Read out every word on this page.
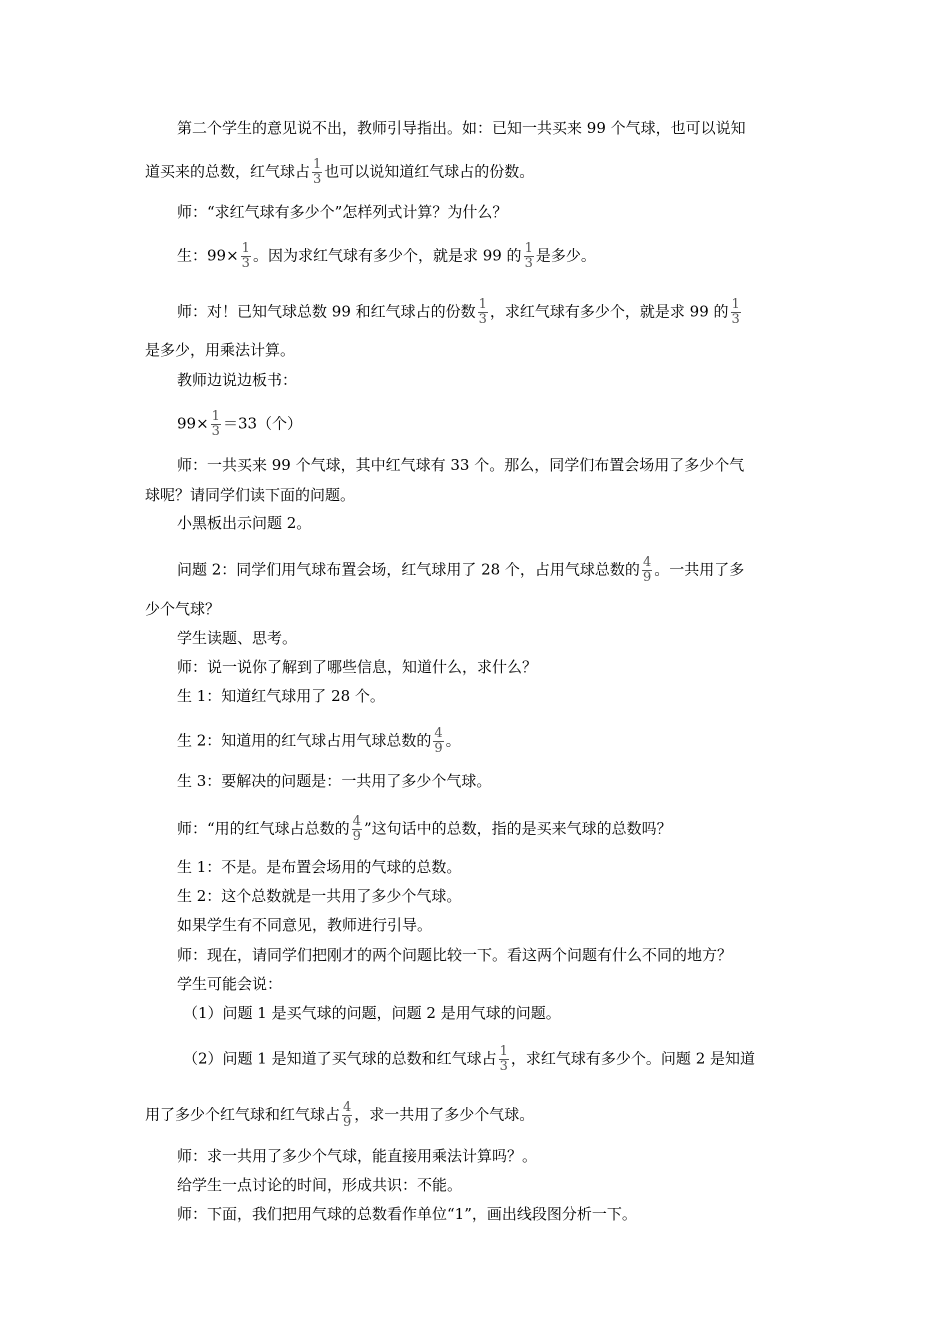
第二个学生的意见说不出，教师引导指出。如：已知一共买来 99 个气球，也可以说知
道买来的总数，红气球占 $\frac{1}{3}$ 也可以说知道红气球占的份数。
师：“求红气球有多少个”怎样列式计算？为什么？
生：$99\times \frac{1}{3}$ 。因为求红气球有多少个，就是求 99 的 $\frac{1}{3}$ 是多少。
师：对！已知气球总数 99 和红气球占的份数 $\frac{1}{3}$ ，求红气球有多少个，就是求 99 的 $\frac{1}{3}$
是多少，用乘法计算。
教师边说边板书：
$99\times \frac{1}{3} =33$（个）
师：一共买来 99 个气球，其中红气球有 33 个。那么，同学们布置会场用了多少个气
球呢？请同学们读下面的问题。
小黑板出示问题 2。
问题 2：同学们用气球布置会场，红气球用了 28 个，占用气球总数的 $\frac{4}{9}$ 。一共用了多
少个气球？
学生读题、思考。
师：说一说你了解到了哪些信息，知道什么，求什么？
生 1：知道红气球用了 28 个。
生 2：知道用的红气球占用气球总数的 $\frac{4}{9}$ 。
生 3：要解决的问题是：一共用了多少个气球。
师：“用的红气球占总数的 $\frac{4}{9}$ ”这句话中的总数，指的是买来气球的总数吗？
生 1：不是。是布置会场用的气球的总数。
生 2：这个总数就是一共用了多少个气球。
如果学生有不同意见，教师进行引导。
师：现在，请同学们把刚才的两个问题比较一下。看这两个问题有什么不同的地方？
学生可能会说：
（1）问题 1 是买气球的问题，问题 2 是用气球的问题。
（2）问题 1 是知道了买气球的总数和红气球占 $\frac{1}{3}$ ，求红气球有多少个。问题 2 是知道
用了多少个红气球和红气球占 $\frac{4}{9}$ ，求一共用了多少个气球。
师：求一共用了多少个气球，能直接用乘法计算吗？。
给学生一点讨论的时间，形成共识：不能。
师：下面，我们把用气球的总数看作单位“1”，画出线段图分析一下。
